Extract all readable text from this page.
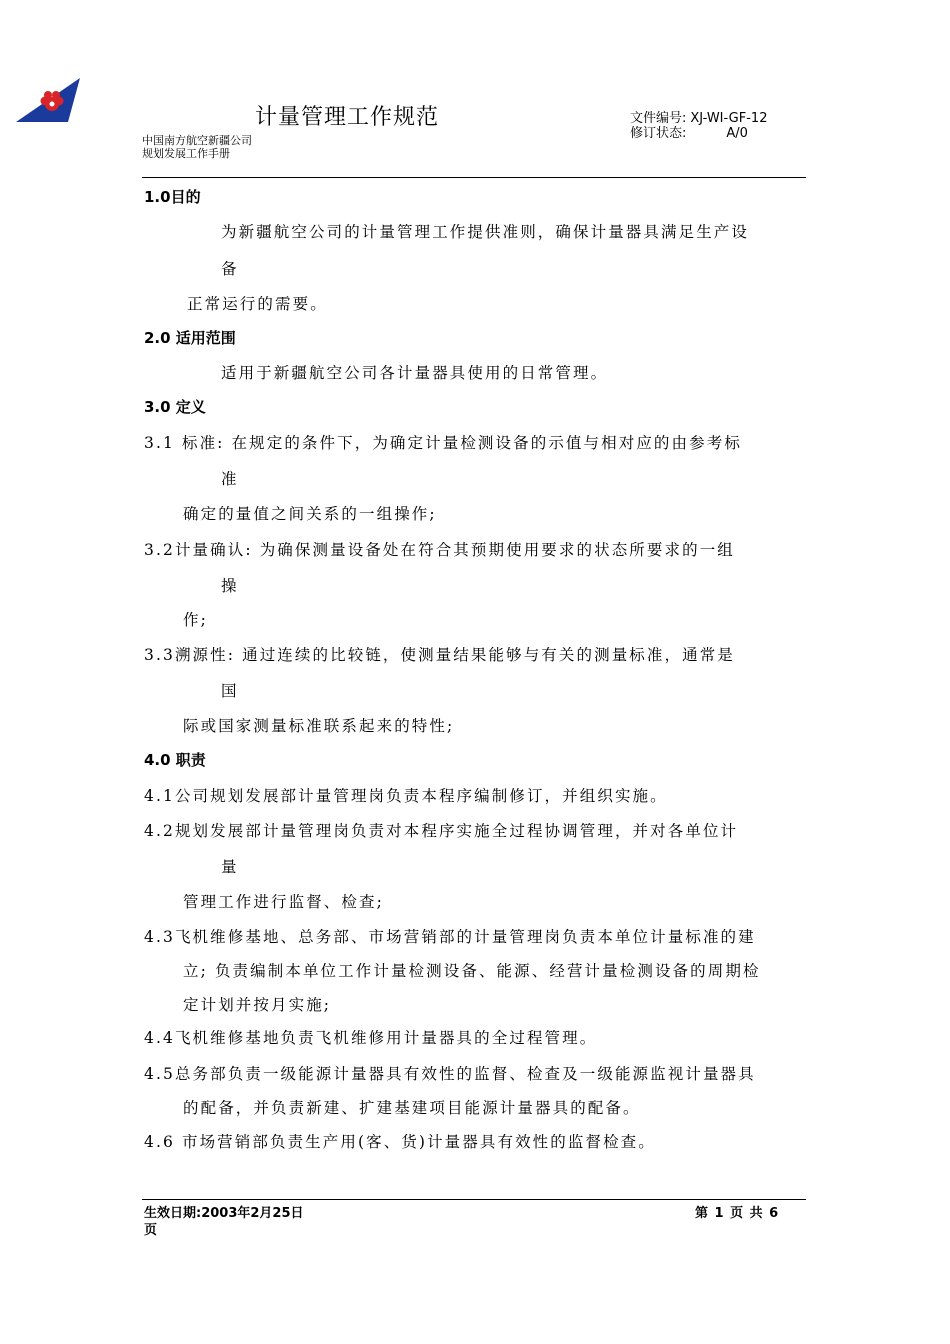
计量管理工作规范
中国南方航空新疆公司
规划发展工作手册
文件编号: XJ-WI-GF-12
修订状态:	A/0
1.0目的
为新疆航空公司的计量管理工作提供准则，确保计量器具满足生产设
备
正常运行的需要。
2.0 适用范围
适用于新疆航空公司各计量器具使用的日常管理。
3.0 定义
3.1 标准: 在规定的条件下，为确定计量检测设备的示值与相对应的由参考标
准
确定的量值之间关系的一组操作;
3.2计量确认: 为确保测量设备处在符合其预期使用要求的状态所要求的一组
操
作;
3.3溯源性: 通过连续的比较链，使测量结果能够与有关的测量标准，通常是
国
际或国家测量标准联系起来的特性;
4.0 职责
4.1公司规划发展部计量管理岗负责本程序编制修订，并组织实施。
4.2规划发展部计量管理岗负责对本程序实施全过程协调管理，并对各单位计
量
管理工作进行监督、检查;
4.3飞机维修基地、总务部、市场营销部的计量管理岗负责本单位计量标准的建
立; 负责编制本单位工作计量检测设备、能源、经营计量检测设备的周期检
定计划并按月实施;
4.4飞机维修基地负责飞机维修用计量器具的全过程管理。
4.5总务部负责一级能源计量器具有效性的监督、检查及一级能源监视计量器具
的配备，并负责新建、扩建基建项目能源计量器具的配备。
4.6 市场营销部负责生产用(客、货)计量器具有效性的监督检查。
生效日期:2003年2月25日
页
第 1 页 共 6
